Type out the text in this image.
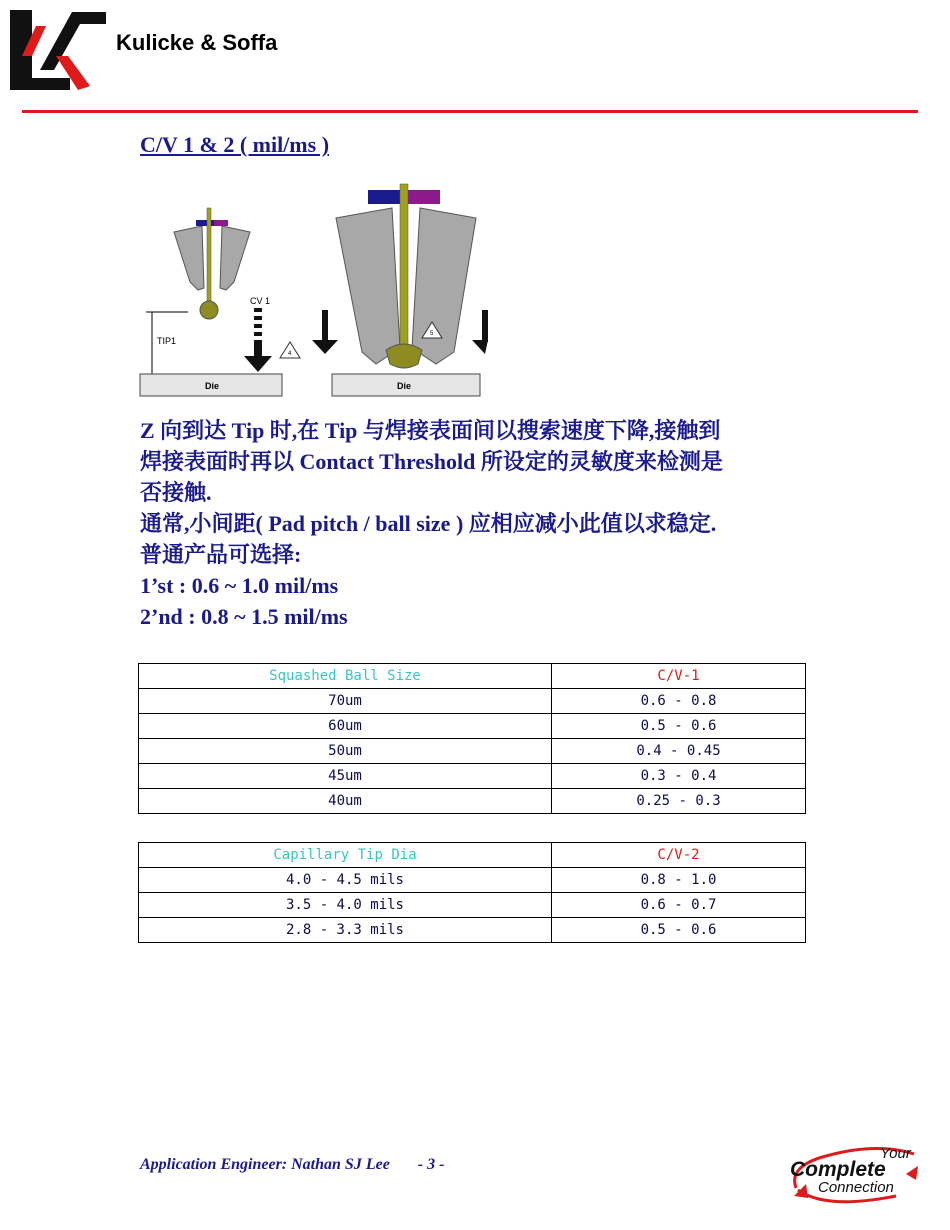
Kulicke & Soffa
C/V 1 & 2 ( mil/ms )
TIP1
CV 1
4
Die
5
Die
Z 向到达 Tip 时,在 Tip 与焊接表面间以搜索速度下降,接触到
焊接表面时再以 Contact Threshold 所设定的灵敏度来检测是
否接触.
通常,小间距( Pad pitch / ball size ) 应相应减小此值以求稳定.
普通产品可选择:
1’st : 0.6 ~ 1.0 mil/ms
2’nd : 0.8 ~ 1.5 mil/ms
Squashed Ball Size	C/V-1
70um	0.6 - 0.8
60um	0.5 - 0.6
50um	0.4 - 0.45
45um	0.3 - 0.4
40um	0.25 - 0.3
Capillary Tip Dia	C/V-2
4.0 - 4.5 mils	0.8 - 1.0
3.5 - 4.0 mils	0.6 - 0.7
2.8 - 3.3 mils	0.5 - 0.6
Application Engineer: Nathan SJ Lee - 3 -
Your
Complete
Connection
